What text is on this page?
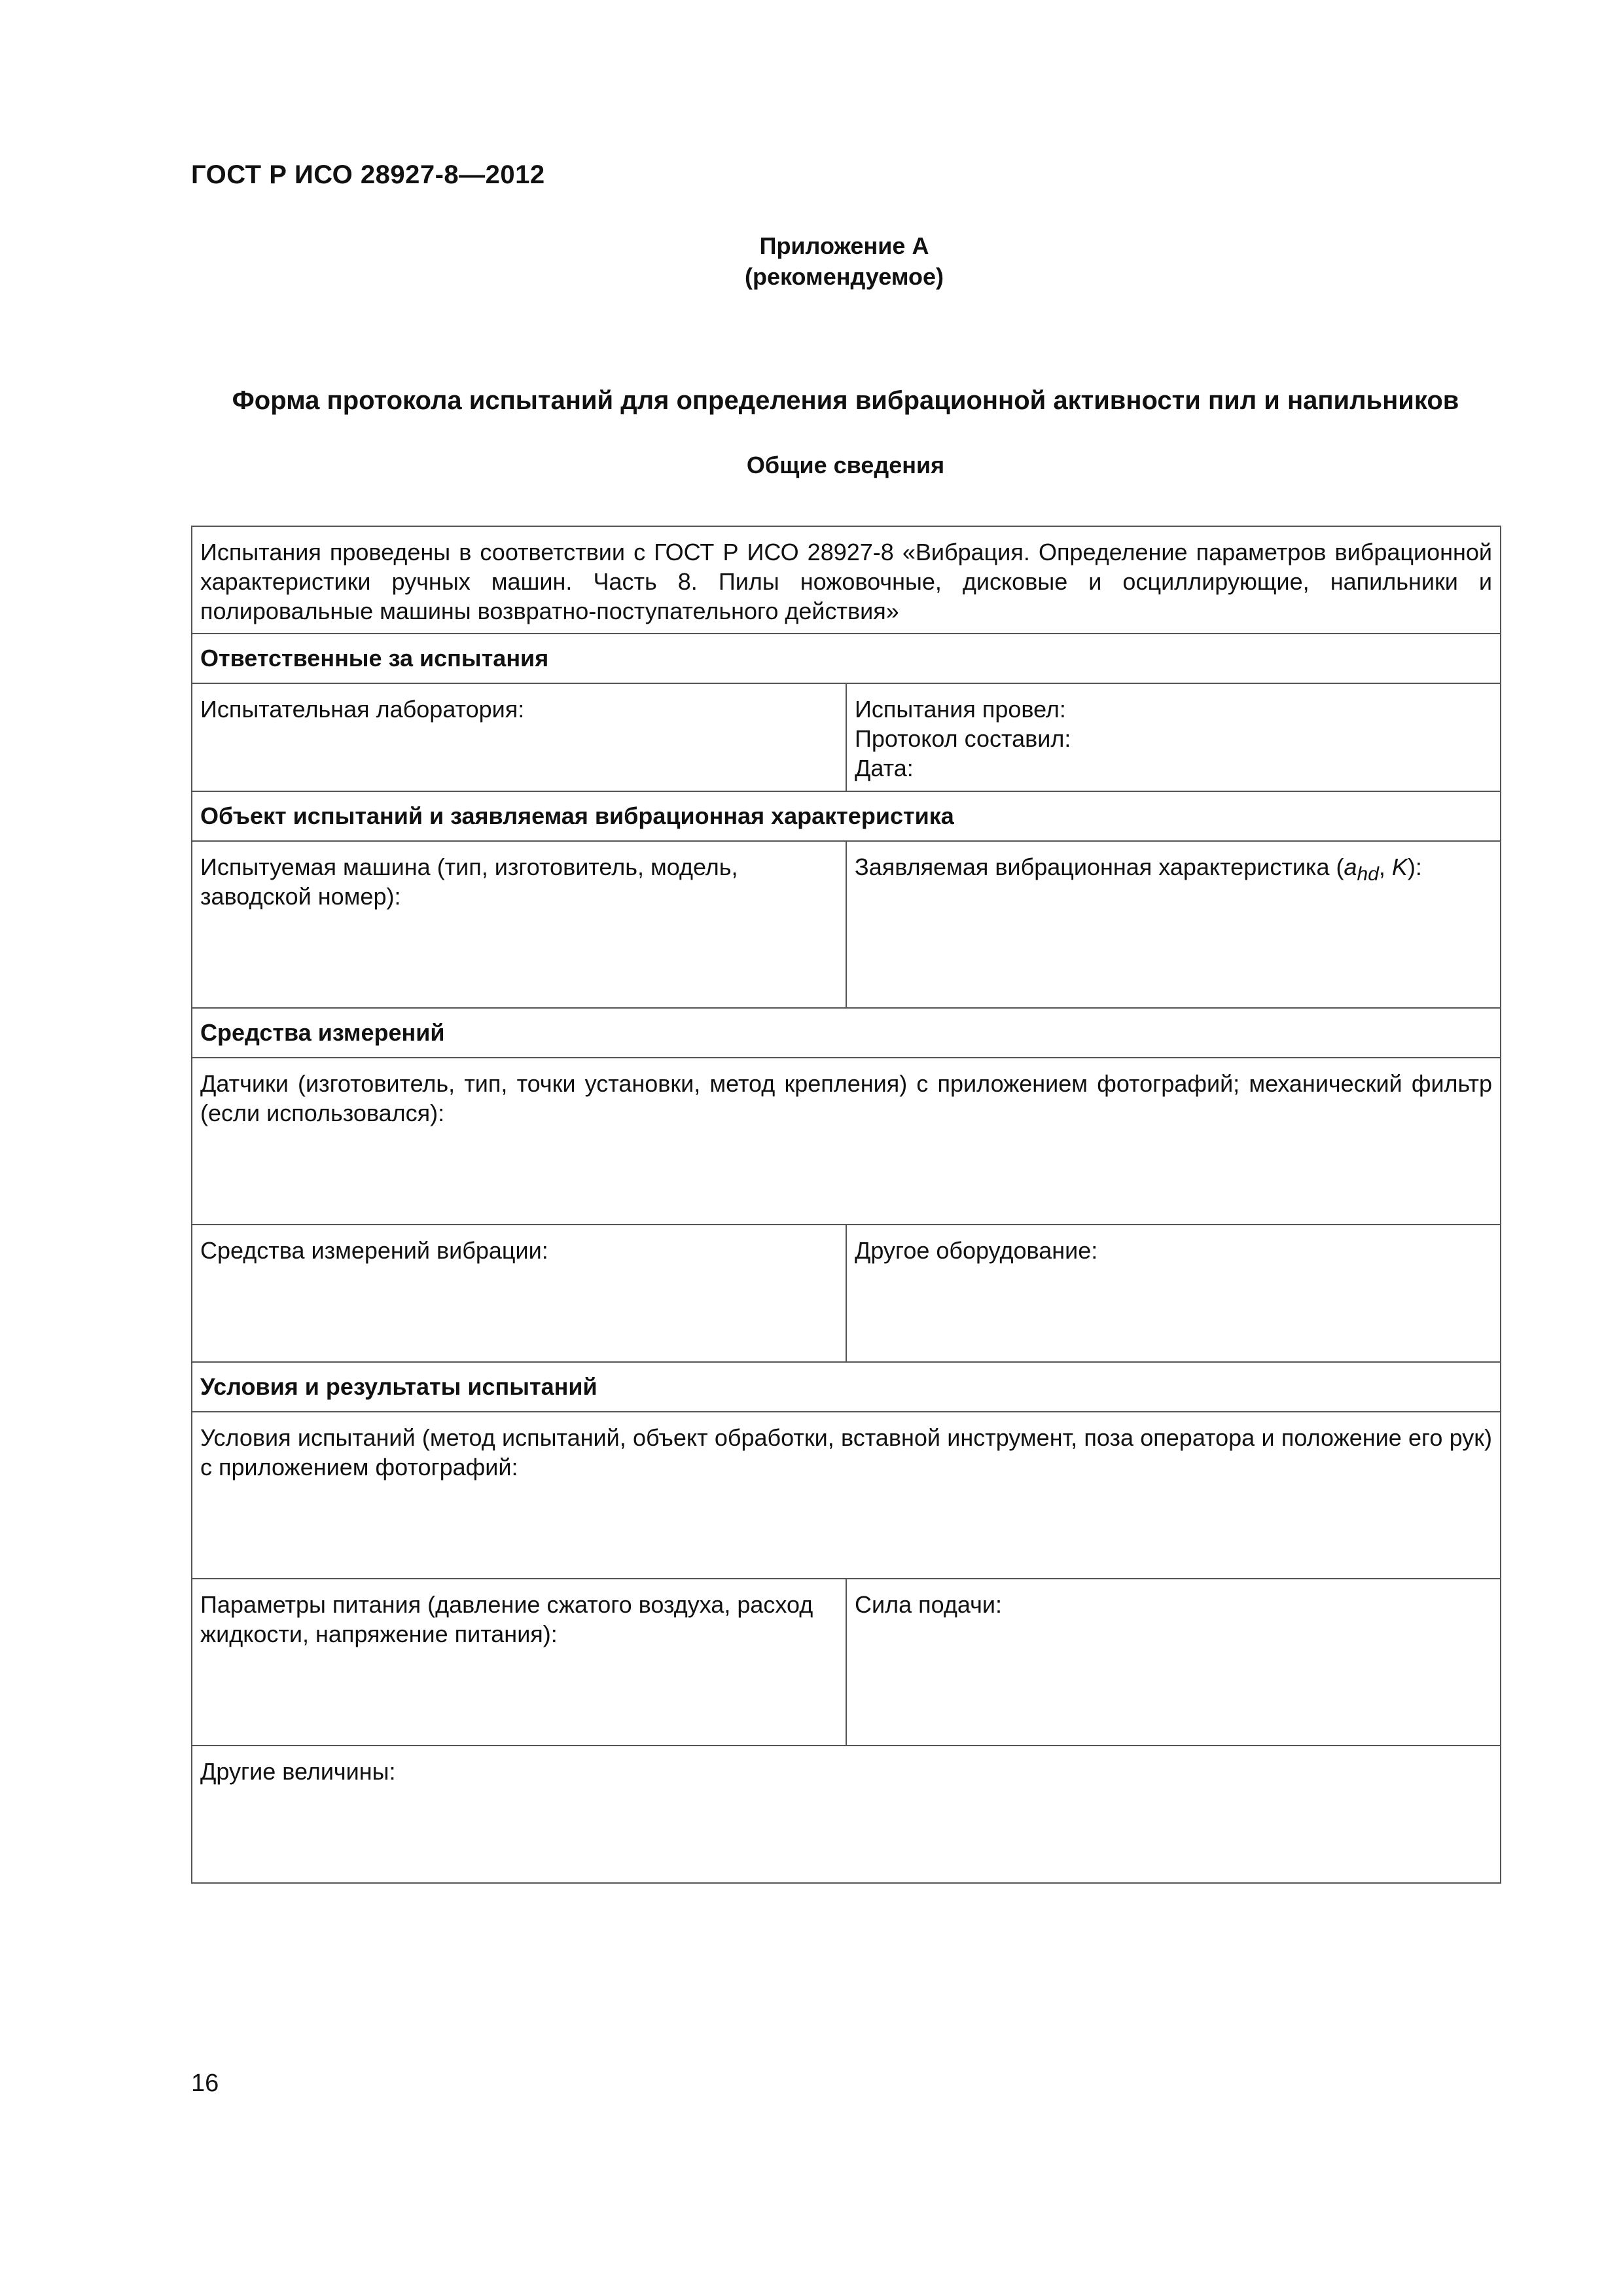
ГОСТ Р ИСО 28927-8—2012
Приложение А
(рекомендуемое)
Форма протокола испытаний для определения вибрационной активности пил и напильников
Общие сведения
Испытания проведены в соответствии с ГОСТ Р ИСО 28927-8 «Вибрация. Определение параметров вибрационной характеристики ручных машин. Часть 8. Пилы ножовочные, дисковые и осциллирующие, напильники и полировальные машины возвратно-поступательного действия»	
Ответственные за испытания	
Испытательная лаборатория:	Испытания провел:
Протокол составил:
Дата:

Объект испытаний и заявляемая вибрационная характеристика	
Испытуемая машина (тип, изготовитель, модель, заводской номер):	Заявляемая вибрационная характеристика ($a_{hd}$, K):
Средства измерений	
Датчики (изготовитель, тип, точки установки, метод крепления) с приложением фотографий; механический фильтр (если использовался):	
Средства измерений вибрации:	Другое оборудование:
Условия и результаты испытаний	
Условия испытаний (метод испытаний, объект обработки, вставной инструмент, поза оператора и положение его рук) с приложением фотографий:	
Параметры питания (давление сжатого воздуха, расход жидкости, напряжение питания):	Сила подачи:
Другие величины:	
16
